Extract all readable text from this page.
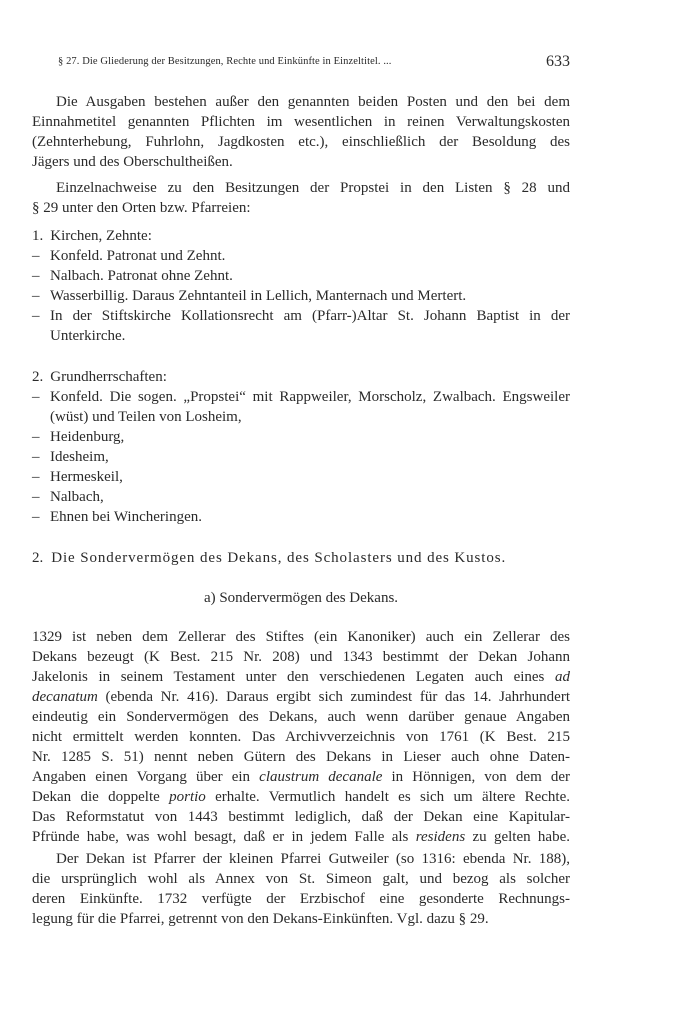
§ 27. Die Gliederung der Besitzungen, Rechte und Einkünfte in Einzeltitel. ...	633
Die Ausgaben bestehen außer den genannten beiden Posten und den bei dem
Einnahmetitel genannten Pflichten im wesentlichen in reinen Verwaltungskosten
(Zehnterhebung, Fuhrlohn, Jagdkosten etc.), einschließlich der Besoldung des
Jägers und des Oberschultheißen.
Einzelnachweise zu den Besitzungen der Propstei in den Listen § 28 und
§ 29 unter den Orten bzw. Pfarreien:
1. Kirchen, Zehnte:
– Konfeld. Patronat und Zehnt.
– Nalbach. Patronat ohne Zehnt.
– Wasserbillig. Daraus Zehntanteil in Lellich, Manternach und Mertert.
– In der Stiftskirche Kollationsrecht am (Pfarr-)Altar St. Johann Baptist in der Unterkirche.
2. Grundherrschaften:
– Konfeld. Die sogen. „Propstei“ mit Rappweiler, Morscholz, Zwalbach. Engsweiler (wüst) und Teilen von Losheim,
– Heidenburg,
– Idesheim,
– Hermeskeil,
– Nalbach,
– Ehnen bei Wincheringen.
2. Die Sondervermögen des Dekans, des Scholasters und des Kustos.
a) Sondervermögen des Dekans.
1329 ist neben dem Zellerar des Stiftes (ein Kanoniker) auch ein Zellerar des
Dekans bezeugt (K Best. 215 Nr. 208) und 1343 bestimmt der Dekan Johann
Jakelonis in seinem Testament unter den verschiedenen Legaten auch eines ad
decanatum (ebenda Nr. 416). Daraus ergibt sich zumindest für das 14. Jahrhundert
eindeutig ein Sondervermögen des Dekans, auch wenn darüber genaue Angaben
nicht ermittelt werden konnten. Das Archivverzeichnis von 1761 (K Best. 215
Nr. 1285 S. 51) nennt neben Gütern des Dekans in Lieser auch ohne Daten-
Angaben einen Vorgang über ein claustrum decanale in Hönnigen, von dem der
Dekan die doppelte portio erhalte. Vermutlich handelt es sich um ältere Rechte.
Das Reformstatut von 1443 bestimmt lediglich, daß der Dekan eine Kapitular-
Pfründe habe, was wohl besagt, daß er in jedem Falle als residens zu gelten habe.
Der Dekan ist Pfarrer der kleinen Pfarrei Gutweiler (so 1316: ebenda Nr. 188),
die ursprünglich wohl als Annex von St. Simeon galt, und bezog als solcher
deren Einkünfte. 1732 verfügte der Erzbischof eine gesonderte Rechnungs-
legung für die Pfarrei, getrennt von den Dekans-Einkünften. Vgl. dazu § 29.
